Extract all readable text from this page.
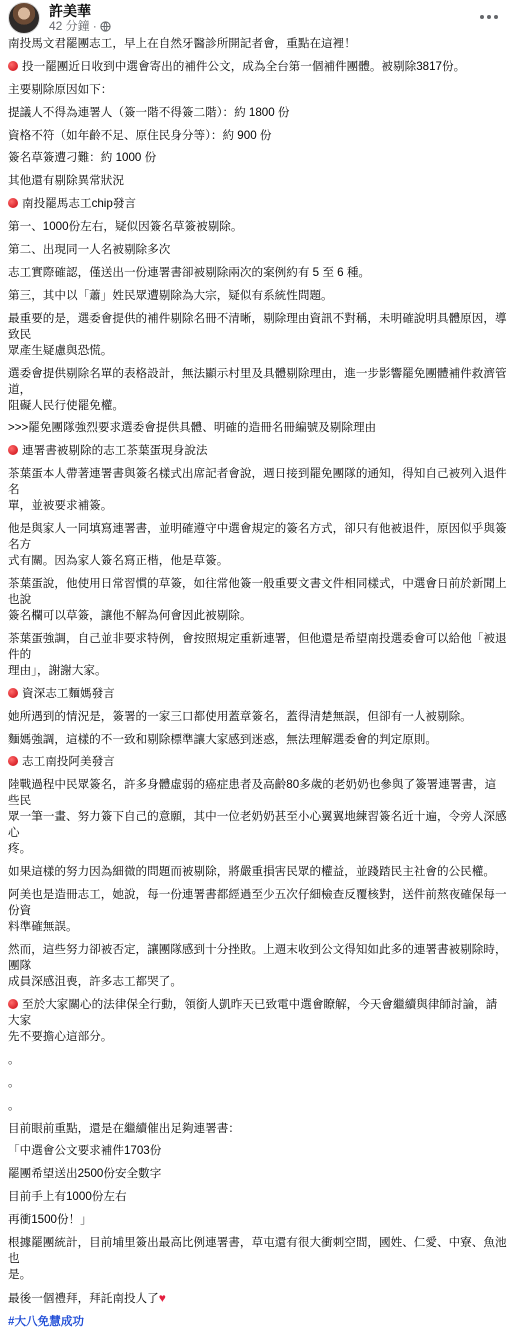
許美華
42 分鐘 ·

南投馬文君罷團志工，早上在自然牙醫診所開記者會，重點在這裡！

投一罷團近日收到中選會寄出的補件公文，成為全台第一個補件團體。被剔除3817份。

主要剔除原因如下：

提議人不得為連署人（簽一階不得簽二階）：約 1800 份

資格不符（如年齡不足、原住民身分等）：約 900 份

簽名草簽遭刁難：約 1000 份

其他還有剔除異常狀況

南投罷馬志工chip發言

第一、1000份左右，疑似因簽名草簽被剔除。

第二、出現同一人名被剔除多次

志工實際確認，僅送出一份連署書卻被剔除兩次的案例約有 5 至 6 種。

第三，其中以「蕭」姓民眾遭剔除為大宗，疑似有系統性問題。

最重要的是，選委會提供的補件剔除名冊不清晰，剔除理由資訊不對稱，未明確說明具體原因，導致民

眾產生疑慮與恐慌。

選委會提供剔除名單的表格設計，無法顯示村里及具體剔除理由，進一步影響罷免團體補件救濟管道，

阻礙人民行使罷免權。

>>>罷免團隊強烈要求選委會提供具體、明確的造冊名冊編號及剔除理由

連署書被剔除的志工茶葉蛋現身說法

茶葉蛋本人帶著連署書與簽名樣式出席記者會說，週日接到罷免團隊的通知，得知自己被列入退件名

單，並被要求補簽。

他是與家人一同填寫連署書，並明確遵守中選會規定的簽名方式，卻只有他被退件，原因似乎與簽名方

式有關。因為家人簽名寫正楷，他是草簽。

茶葉蛋說，他使用日常習慣的草簽，如往常他簽一般重要文書文件相同樣式，中選會日前於新聞上也說

簽名欄可以草簽，讓他不解為何會因此被剔除。

茶葉蛋強調，自己並非要求特例，會按照規定重新連署，但他還是希望南投選委會可以給他「被退件的

理由」，謝謝大家。

資深志工麵媽發言

她所遇到的情況是，簽署的一家三口都使用蓋章簽名，蓋得清楚無誤，但卻有一人被剔除。

麵媽強調，這樣的不一致和剔除標準讓大家感到迷惑，無法理解選委會的判定原則。

志工南投阿美發言

陸戰過程中民眾簽名，許多身體虛弱的癌症患者及高齡80多歲的老奶奶也參與了簽署連署書，這些民

眾一筆一畫、努力簽下自己的意願，其中一位老奶奶甚至小心翼翼地練習簽名近十遍，令旁人深感心

疼。

如果這樣的努力因為細微的問題而被剔除，將嚴重損害民眾的權益，並踐踏民主社會的公民權。

阿美也是造冊志工，她說，每一份連署書都經過至少五次仔細檢查反覆核對，送件前熬夜確保每一份資

料準確無誤。

然而，這些努力卻被否定，讓團隊感到十分挫敗。上週末收到公文得知如此多的連署書被剔除時，團隊

成員深感沮喪，許多志工都哭了。

至於大家關心的法律保全行動，領銜人凱昨天已致電中選會瞭解，今天會繼續與律師討論，請大家

先不要擔心這部分。

。

。

。

目前眼前重點，還是在繼續催出足夠連署書：

「中選會公文要求補件1703份

罷團希望送出2500份安全數字

目前手上有1000份左右

再衝1500份！」

根據罷團統計，目前埔里簽出最高比例連署書，草屯還有很大衝刺空間，國姓、仁愛、中寮、魚池也

是。

最後一個禮拜，拜託南投人了♥

#大八免慧成功
